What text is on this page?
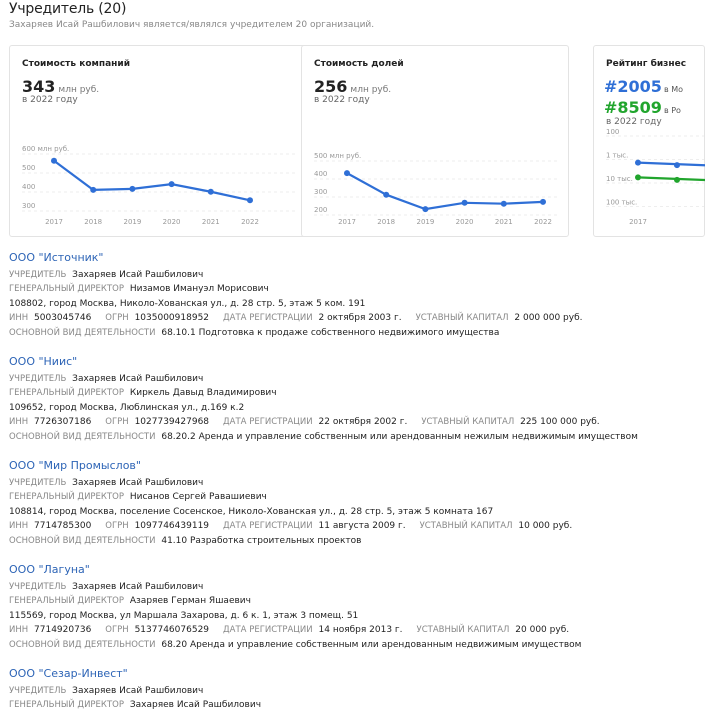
Учредитель (20)
Захаряев Исай Рашбилович является/являлся учредителем 20 организаций.
Стоимость компаний
343 млн руб.
в 2022 году
600 млн руб.
500
400
300
2017	2018	2019	2020	2021	2022
Стоимость долей
256 млн руб.
в 2022 году
500 млн руб.
400
300
200
2017	2018	2019	2020	2021	2022
Рейтинг бизнес
#2005 в Мо
#8509 в Ро
в 2022 году
100
1 тыс.
10 тыс.
100 тыс.
2017
ООО "Источник"
УЧРЕДИТЕЛЬ Захаряев Исай Рашбилович
ГЕНЕРАЛЬНЫЙ ДИРЕКТОР Низамов Имануэл Морисович
108802, город Москва, Николо-Хованская ул., д. 28 стр. 5, этаж 5 ком. 191
ИНН 5003045746 ОГРН 1035000918952 ДАТА РЕГИСТРАЦИИ 2 октября 2003 г. УСТАВНЫЙ КАПИТАЛ 2 000 000 руб.
ОСНОВНОЙ ВИД ДЕЯТЕЛЬНОСТИ 68.10.1 Подготовка к продаже собственного недвижимого имущества
ООО "Ниис"
УЧРЕДИТЕЛЬ Захаряев Исай Рашбилович
ГЕНЕРАЛЬНЫЙ ДИРЕКТОР Киркель Давыд Владимирович
109652, город Москва, Люблинская ул., д.169 к.2
ИНН 7726307186 ОГРН 1027739427968 ДАТА РЕГИСТРАЦИИ 22 октября 2002 г. УСТАВНЫЙ КАПИТАЛ 225 100 000 руб.
ОСНОВНОЙ ВИД ДЕЯТЕЛЬНОСТИ 68.20.2 Аренда и управление собственным или арендованным нежилым недвижимым имуществом
ООО "Мир Промыслов"
УЧРЕДИТЕЛЬ Захаряев Исай Рашбилович
ГЕНЕРАЛЬНЫЙ ДИРЕКТОР Нисанов Сергей Равашиевич
108814, город Москва, поселение Сосенское, Николо-Хованская ул., д. 28 стр. 5, этаж 5 комната 167
ИНН 7714785300 ОГРН 1097746439119 ДАТА РЕГИСТРАЦИИ 11 августа 2009 г. УСТАВНЫЙ КАПИТАЛ 10 000 руб.
ОСНОВНОЙ ВИД ДЕЯТЕЛЬНОСТИ 41.10 Разработка строительных проектов
ООО "Лагуна"
УЧРЕДИТЕЛЬ Захаряев Исай Рашбилович
ГЕНЕРАЛЬНЫЙ ДИРЕКТОР Азаряев Герман Яшаевич
115569, город Москва, ул Маршала Захарова, д. 6 к. 1, этаж 3 помещ. 51
ИНН 7714920736 ОГРН 5137746076529 ДАТА РЕГИСТРАЦИИ 14 ноября 2013 г. УСТАВНЫЙ КАПИТАЛ 20 000 руб.
ОСНОВНОЙ ВИД ДЕЯТЕЛЬНОСТИ 68.20 Аренда и управление собственным или арендованным недвижимым имуществом
ООО "Сезар-Инвест"
УЧРЕДИТЕЛЬ Захаряев Исай Рашбилович
ГЕНЕРАЛЬНЫЙ ДИРЕКТОР Захаряев Исай Рашбилович
